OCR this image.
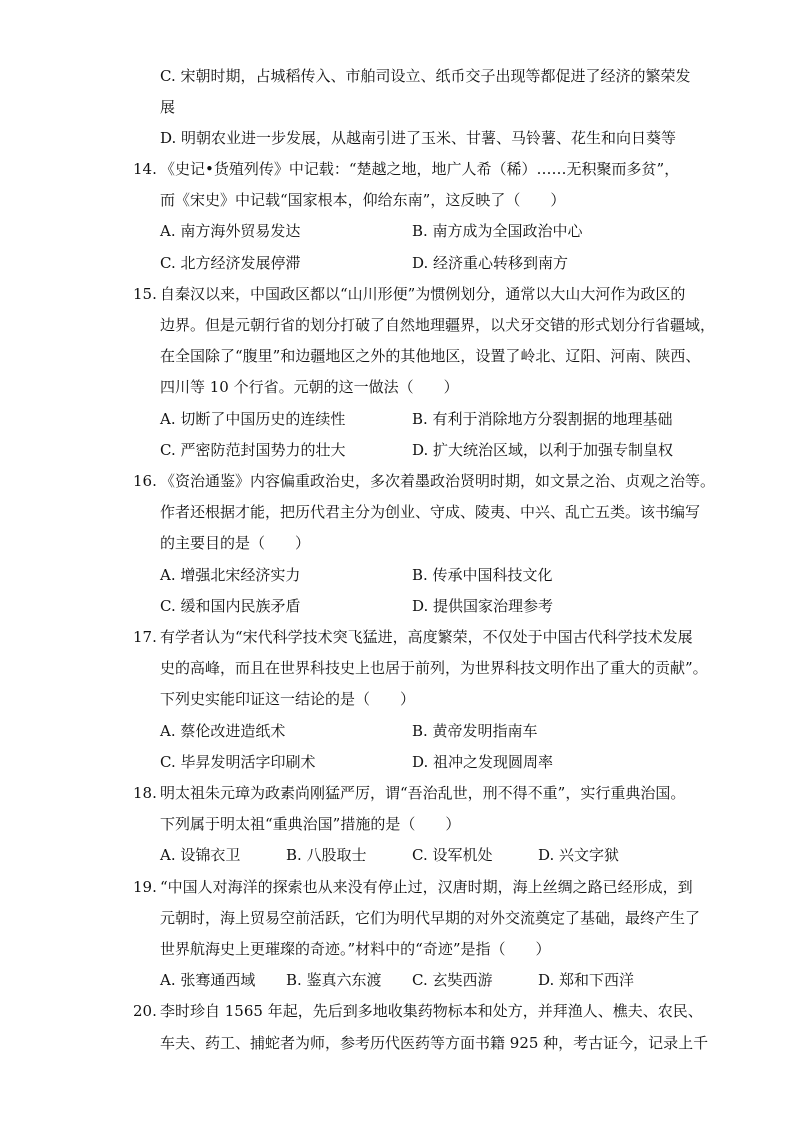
C. 宋朝时期，占城稻传入、市舶司设立、纸币交子出现等都促进了经济的繁荣发
展
D. 明朝农业进一步发展，从越南引进了玉米、甘薯、马铃薯、花生和向日葵等
14. 《史记•货殖列传》中记载：“楚越之地，地广人希（稀）……无积聚而多贫”，
而《宋史》中记载“国家根本，仰给东南”，这反映了（　　）
A. 南方海外贸易发达	B. 南方成为全国政治中心
C. 北方经济发展停滞	D. 经济重心转移到南方
15. 自秦汉以来，中国政区都以“山川形便”为惯例划分，通常以大山大河作为政区的
边界。但是元朝行省的划分打破了自然地理疆界，以犬牙交错的形式划分行省疆域，
在全国除了“腹里”和边疆地区之外的其他地区，设置了岭北、辽阳、河南、陕西、
四川等 10 个行省。元朝的这一做法（　　）
A. 切断了中国历史的连续性	B. 有利于消除地方分裂割据的地理基础
C. 严密防范封国势力的壮大	D. 扩大统治区域，以利于加强专制皇权
16. 《资治通鉴》内容偏重政治史，多次着墨政治贤明时期，如文景之治、贞观之治等。
作者还根据才能，把历代君主分为创业、守成、陵夷、中兴、乱亡五类。该书编写
的主要目的是（　　）
A. 增强北宋经济实力	B. 传承中国科技文化
C. 缓和国内民族矛盾	D. 提供国家治理参考
17. 有学者认为“宋代科学技术突飞猛进，高度繁荣，不仅处于中国古代科学技术发展
史的高峰，而且在世界科技史上也居于前列，为世界科技文明作出了重大的贡献”。
下列史实能印证这一结论的是（　　）
A. 蔡伦改进造纸术	B. 黄帝发明指南车
C. 毕昇发明活字印刷术	D. 祖冲之发现圆周率
18. 明太祖朱元璋为政素尚刚猛严厉，谓“吾治乱世，刑不得不重”，实行重典治国。
下列属于明太祖“重典治国”措施的是（　　）
A. 设锦衣卫	B. 八股取士	C. 设军机处	D. 兴文字狱
19. “中国人对海洋的探索也从来没有停止过，汉唐时期，海上丝绸之路已经形成，到
元朝时，海上贸易空前活跃，它们为明代早期的对外交流奠定了基础，最终产生了
世界航海史上更璀璨的奇迹。”材料中的“奇迹”是指（　　）
A. 张骞通西域 B. 鉴真六东渡 C. 玄奘西游	D. 郑和下西洋
20. 李时珍自 1565 年起，先后到多地收集药物标本和处方，并拜渔人、樵夫、农民、
车夫、药工、捕蛇者为师，参考历代医药等方面书籍 925 种，考古证今，记录上千
